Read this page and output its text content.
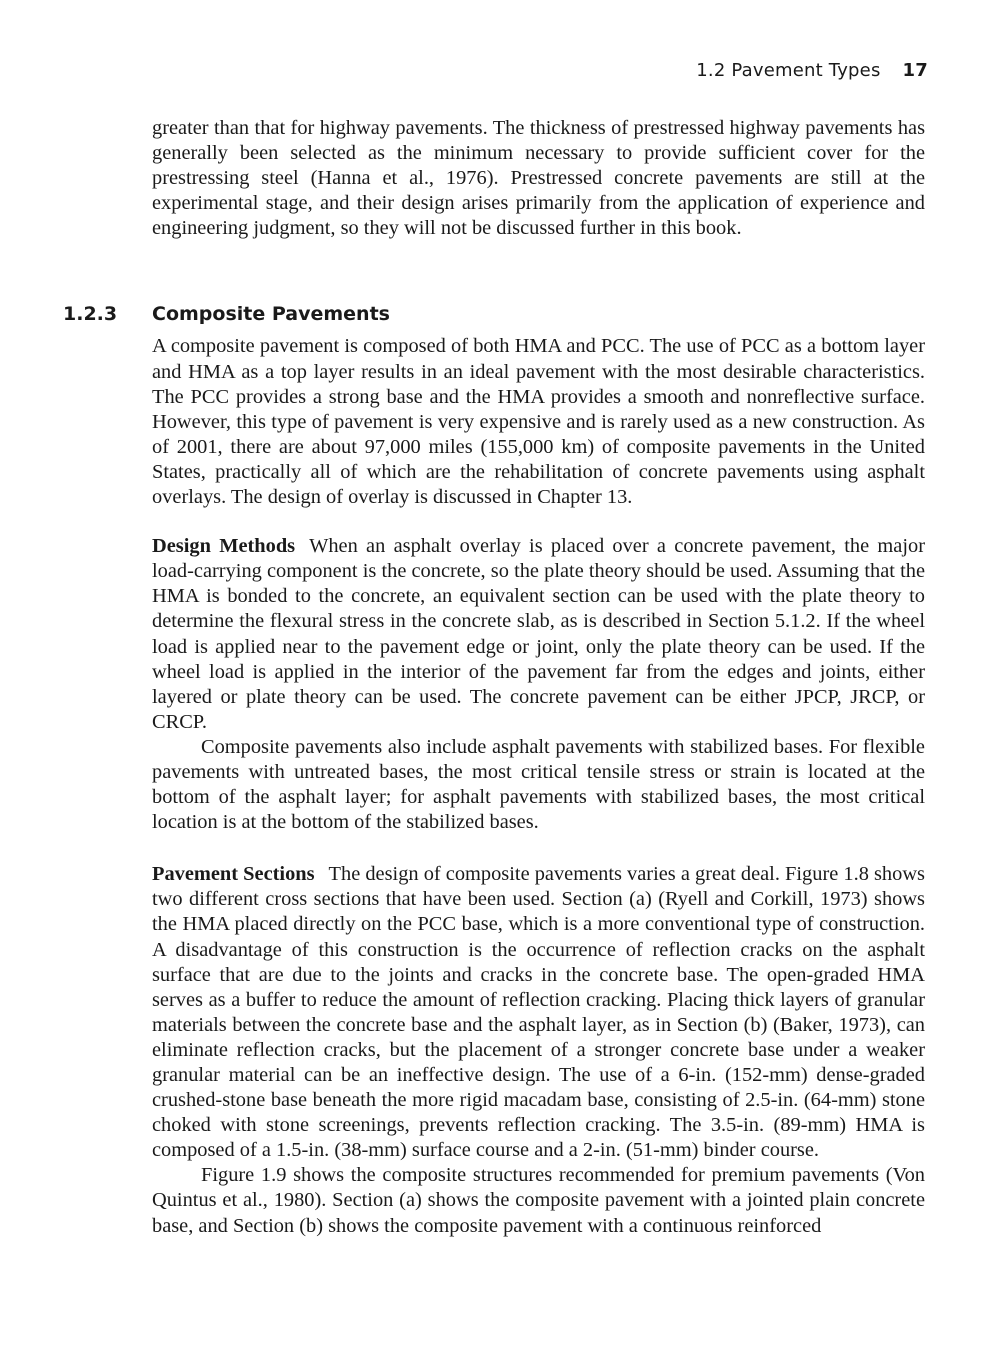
1.2 Pavement Types 17
1.2.3 Composite Pavements

greater than that for highway pavements. The thickness of prestressed highway pavements has generally been selected as the minimum necessary to provide sufficient cover for the prestressing steel (Hanna et al., 1976). Prestressed concrete pavements are still at the experimental stage, and their design arises primarily from the application of experience and engineering judgment, so they will not be discussed further in this book.

A composite pavement is composed of both HMA and PCC. The use of PCC as a bottom layer and HMA as a top layer results in an ideal pavement with the most desirable characteristics. The PCC provides a strong base and the HMA provides a smooth and nonreflective surface. However, this type of pavement is very expensive and is rarely used as a new construction. As of 2001, there are about 97,000 miles (155,000 km) of composite pavements in the United States, practically all of which are the rehabilitation of concrete pavements using asphalt overlays. The design of overlay is discussed in Chapter 13.

Design Methods When an asphalt overlay is placed over a concrete pavement, the major load-carrying component is the concrete, so the plate theory should be used. Assuming that the HMA is bonded to the concrete, an equivalent section can be used with the plate theory to determine the flexural stress in the concrete slab, as is described in Section 5.1.2. If the wheel load is applied near to the pavement edge or joint, only the plate theory can be used. If the wheel load is applied in the interior of the pavement far from the edges and joints, either layered or plate theory can be used. The concrete pavement can be either JPCP, JRCP, or CRCP.

Composite pavements also include asphalt pavements with stabilized bases. For flexible pavements with untreated bases, the most critical tensile stress or strain is located at the bottom of the asphalt layer; for asphalt pavements with stabilized bases, the most critical location is at the bottom of the stabilized bases.

Pavement Sections The design of composite pavements varies a great deal. Figure 1.8 shows two different cross sections that have been used. Section (a) (Ryell and Corkill, 1973) shows the HMA placed directly on the PCC base, which is a more conventional type of construction. A disadvantage of this construction is the occurrence of reflection cracks on the asphalt surface that are due to the joints and cracks in the concrete base. The open-graded HMA serves as a buffer to reduce the amount of reflection cracking. Placing thick layers of granular materials between the concrete base and the asphalt layer, as in Section (b) (Baker, 1973), can eliminate reflection cracks, but the placement of a stronger concrete base under a weaker granular material can be an ineffective design. The use of a 6-in. (152-mm) dense-graded crushed-stone base beneath the more rigid macadam base, consisting of 2.5-in. (64-mm) stone choked with stone screenings, prevents reflection cracking. The 3.5-in. (89-mm) HMA is composed of a 1.5-in. (38-mm) surface course and a 2-in. (51-mm) binder course.

Figure 1.9 shows the composite structures recommended for premium pavements (Von Quintus et al., 1980). Section (a) shows the composite pavement with a jointed plain concrete base, and Section (b) shows the composite pavement with a continuous reinforced
